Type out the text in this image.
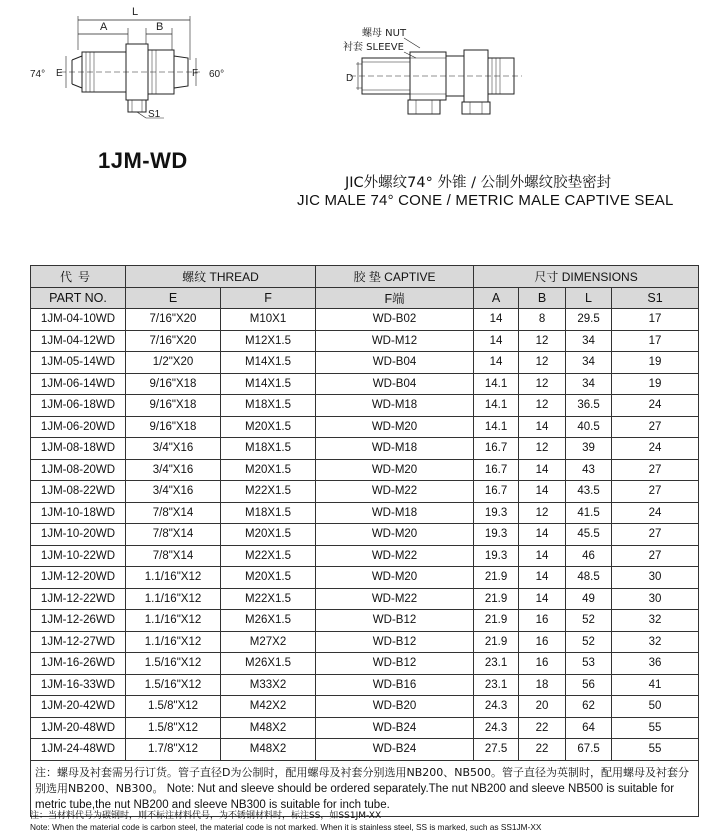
L
A	B
E	F
74°	60°
S1
螺母 NUT
衬套 SLEEVE
D
1JM-WD
JIC外螺纹74° 外锥 / 公制外螺纹胶垫密封
JIC MALE 74° CONE / METRIC MALE CAPTIVE SEAL
代号	螺纹 THREAD		胶 垫 CAPTIVE	尺寸 DIMENSIONS			
PART NO.	E	F	F端	A	B	L	S1
1JM-04-10WD	7/16"X20	M10X1	WD-B02	14	8	29.5	17
1JM-04-12WD	7/16"X20	M12X1.5	WD-M12	14	12	34	17
1JM-05-14WD	1/2"X20	M14X1.5	WD-B04	14	12	34	19
1JM-06-14WD	9/16"X18	M14X1.5	WD-B04	14.1	12	34	19
1JM-06-18WD	9/16"X18	M18X1.5	WD-M18	14.1	12	36.5	24
1JM-06-20WD	9/16"X18	M20X1.5	WD-M20	14.1	14	40.5	27
1JM-08-18WD	3/4"X16	M18X1.5	WD-M18	16.7	12	39	24
1JM-08-20WD	3/4"X16	M20X1.5	WD-M20	16.7	14	43	27
1JM-08-22WD	3/4"X16	M22X1.5	WD-M22	16.7	14	43.5	27
1JM-10-18WD	7/8"X14	M18X1.5	WD-M18	19.3	12	41.5	24
1JM-10-20WD	7/8"X14	M20X1.5	WD-M20	19.3	14	45.5	27
1JM-10-22WD	7/8"X14	M22X1.5	WD-M22	19.3	14	46	27
1JM-12-20WD	1.1/16"X12	M20X1.5	WD-M20	21.9	14	48.5	30
1JM-12-22WD	1.1/16"X12	M22X1.5	WD-M22	21.9	14	49	30
1JM-12-26WD	1.1/16"X12	M26X1.5	WD-B12	21.9	16	52	32
1JM-12-27WD	1.1/16"X12	M27X2	WD-B12	21.9	16	52	32
1JM-16-26WD	1.5/16"X12	M26X1.5	WD-B12	23.1	16	53	36
1JM-16-33WD	1.5/16"X12	M33X2	WD-B16	23.1	18	56	41
1JM-20-42WD	1.5/8"X12	M42X2	WD-B20	24.3	20	62	50
1JM-20-48WD	1.5/8"X12	M48X2	WD-B24	24.3	22	64	55
1JM-24-48WD	1.7/8"X12	M48X2	WD-B24	27.5	22	67.5	55
注：螺母及衬套需另行订货。管子直径D为公制时，配用螺母及衬套分别选用NB200、NB500。管子直径为英制时，配用螺母及衬套分别选用NB200、NB300。 Note: Nut and sleeve should be ordered separately.The nut NB200 and sleeve NB500 is suitable for metric tube,the nut NB200 and sleeve NB300 is suitable for inch tube.							
注：当材料代号为碳钢时，则不标注材料代号，为不锈钢材料时，标注SS，如SS1JM-XX
Note: When the material code is carbon steel, the material code is not marked. When it is stainless steel, SS is marked, such as SS1JM-XX
